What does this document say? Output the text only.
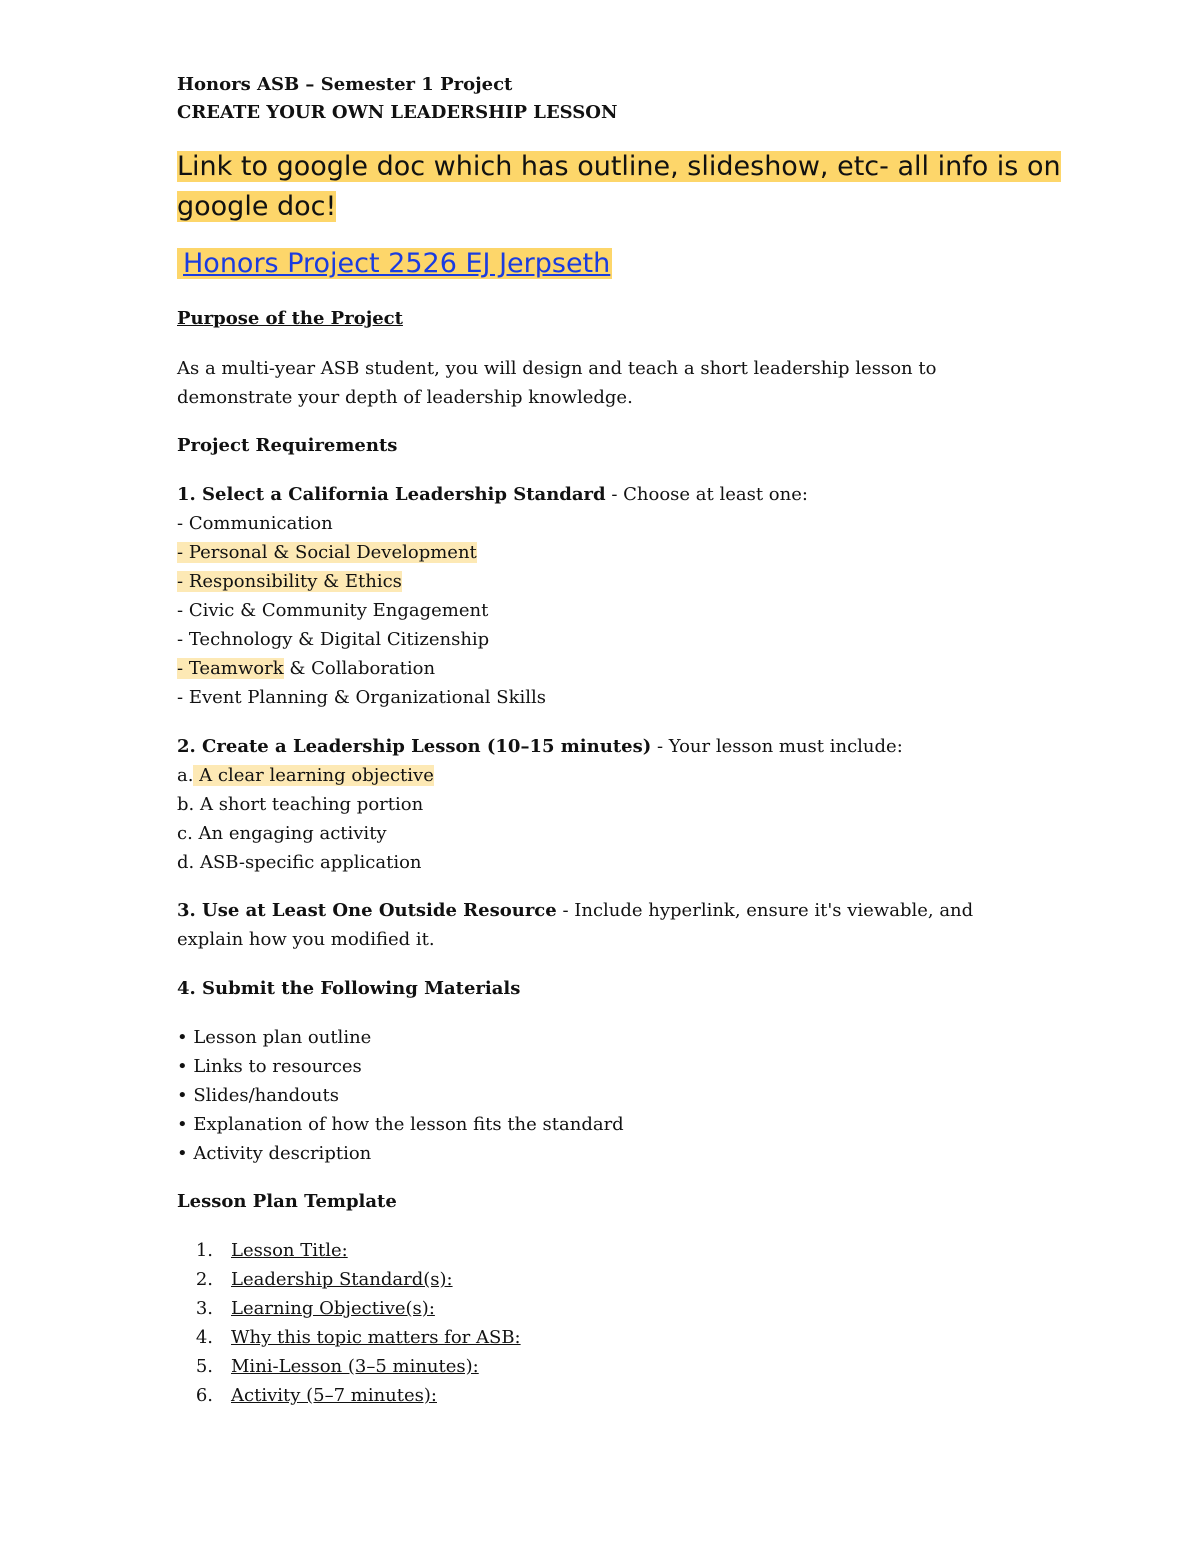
Honors ASB – Semester 1 Project
CREATE YOUR OWN LEADERSHIP LESSON
Link to google doc which has outline, slideshow, etc- all info is on
google doc!
Honors Project 2526 EJ Jerpseth
Purpose of the Project
As a multi-year ASB student, you will design and teach a short leadership lesson to
demonstrate your depth of leadership knowledge.
Project Requirements
1. Select a California Leadership Standard - Choose at least one:
- Communication
- Personal & Social Development
- Responsibility & Ethics
- Civic & Community Engagement
- Technology & Digital Citizenship
- Teamwork & Collaboration
- Event Planning & Organizational Skills
2. Create a Leadership Lesson (10–15 minutes) - Your lesson must include:
a. A clear learning objective
b. A short teaching portion
c. An engaging activity
d. ASB-specific application
3. Use at Least One Outside Resource - Include hyperlink, ensure it's viewable, and
explain how you modified it.
4. Submit the Following Materials
• Lesson plan outline
• Links to resources
• Slides/handouts
• Explanation of how the lesson fits the standard
• Activity description
Lesson Plan Template
1. Lesson Title:
2. Leadership Standard(s):
3. Learning Objective(s):
4. Why this topic matters for ASB:
5. Mini-Lesson (3–5 minutes):
6. Activity (5–7 minutes):
